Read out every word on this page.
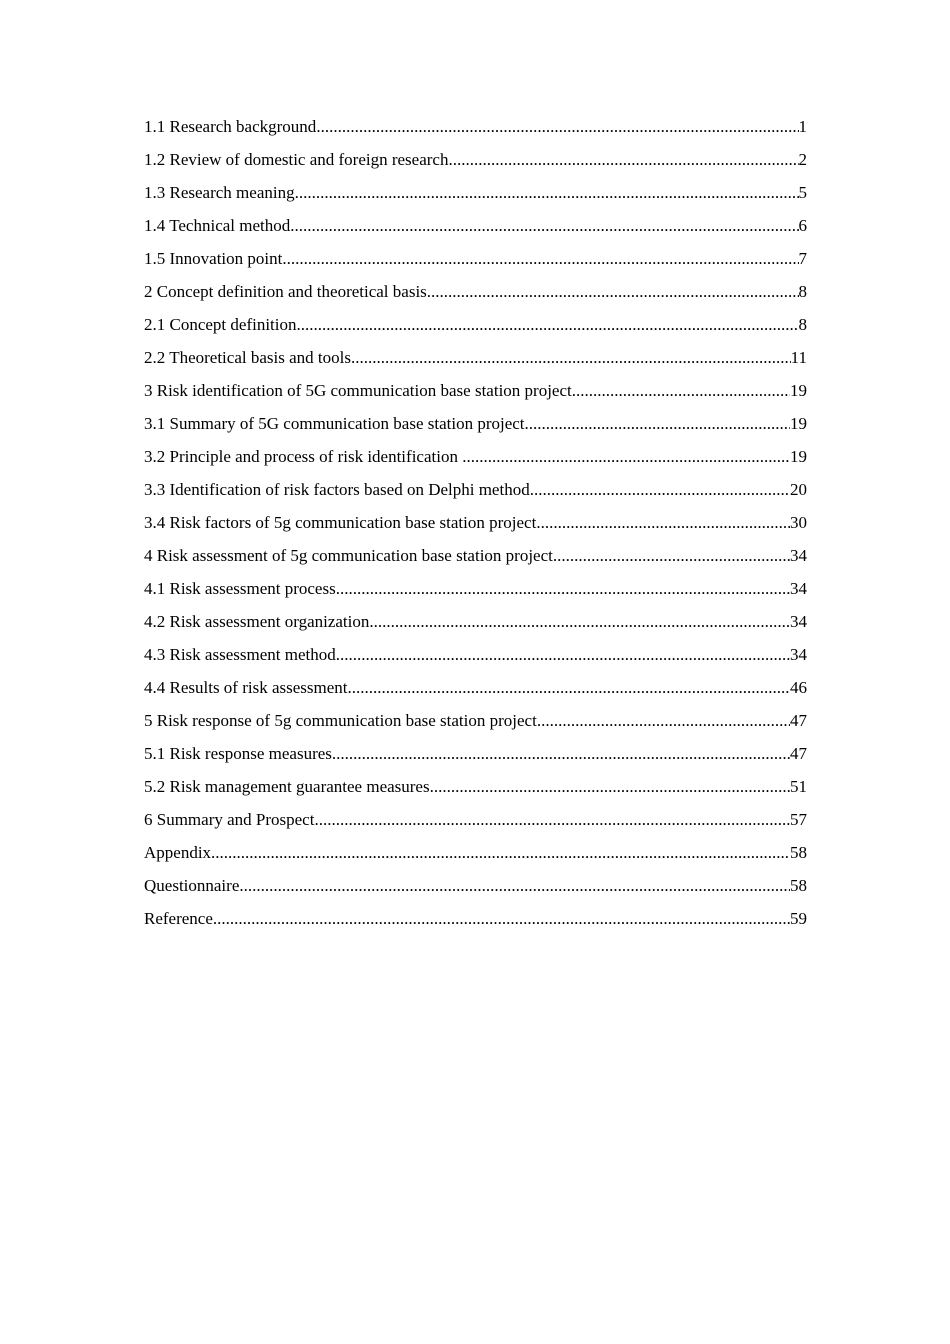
1.1 Research background .....	1
1.2 Review of domestic and foreign research .....	2
1.3 Research meaning .....	5
1.4 Technical method .....	6
1.5 Innovation point .....	7
2 Concept definition and theoretical basis .....	8
2.1 Concept definition .....	8
2.2 Theoretical basis and tools .....	11
3 Risk identification of 5G communication base station project .....	19
3.1 Summary of 5G communication base station project .....	19
3.2 Principle and process of risk identification .....	19
3.3 Identification of risk factors based on Delphi method .....	20
3.4 Risk factors of 5g communication base station project .....	30
4 Risk assessment of 5g communication base station project .....	34
4.1 Risk assessment process .....	34
4.2 Risk assessment organization .....	34
4.3 Risk assessment method .....	34
4.4 Results of risk assessment .....	46
5 Risk response of 5g communication base station project .....	47
5.1 Risk response measures .....	47
5.2 Risk management guarantee measures .....	51
6 Summary and Prospect .....	57
Appendix .....	58
Questionnaire .....	58
Reference .....	59
